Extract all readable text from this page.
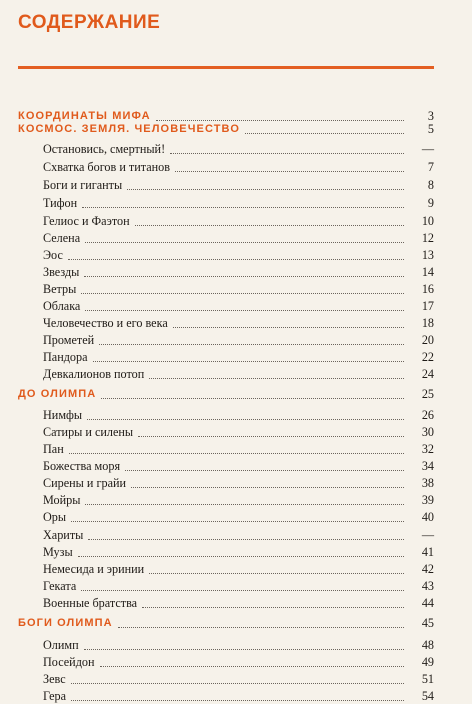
СОДЕРЖАНИЕ
КООРДИНАТЫ МИФА	3
КОСМОС. ЗЕМЛЯ. ЧЕЛОВЕЧЕСТВО	5
Остановись, смертный!	—
Схватка богов и титанов	7
Боги и гиганты	8
Тифон	9
Гелиос и Фаэтон	10
Селена	12
Эос	13
Звезды	14
Ветры	16
Облака	17
Человечество и его века	18
Прометей	20
Пандора	22
Девкалионов потоп	24
ДО ОЛИМПА	25
Нимфы	26
Сатиры и силены	30
Пан	32
Божества моря	34
Сирены и грайи	38
Мойры	39
Оры	40
Хариты	—
Музы	41
Немесида и эринии	42
Геката	43
Военные братства	44
БОГИ ОЛИМПА	45
Олимп	48
Посейдон	49
Зевс	51
Гера	54
